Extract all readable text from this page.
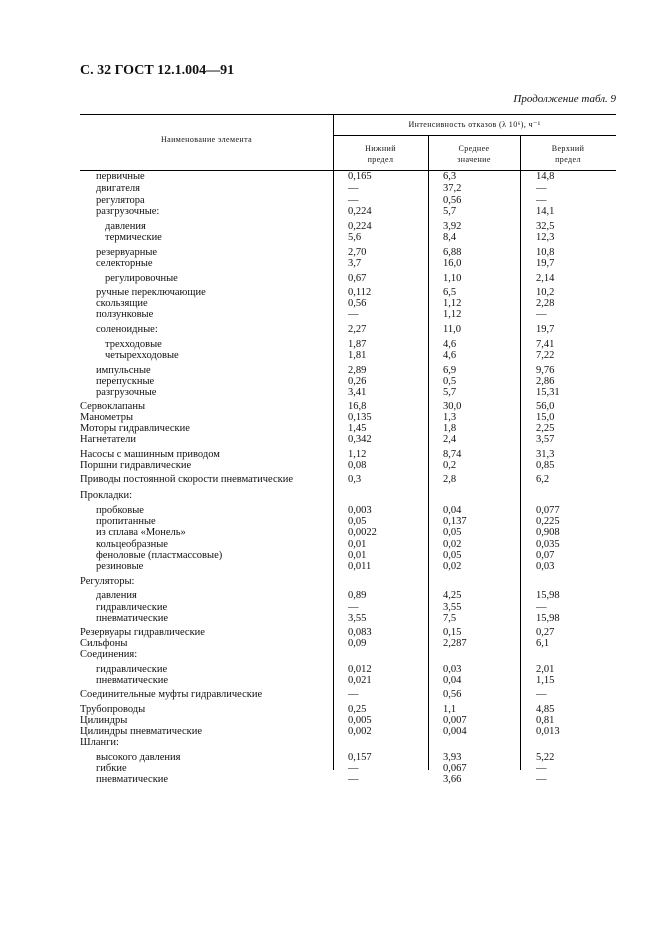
С. 32 ГОСТ 12.1.004—91
Продолжение табл. 9
Наименование элемента
Интенсивность отказов (λ 10⁶), ч⁻¹
Нижний
предел
Среднее
значение
Верхний
предел
первичные	0,165	6,3	14,8
двигателя	—	37,2	—
регулятора	—	0,56	—
разгрузочные:	0,224	5,7	14,1
давления	0,224	3,92	32,5
термические	5,6	8,4	12,3
резервуарные	2,70	6,88	10,8
селекторные	3,7	16,0	19,7
регулировочные	0,67	1,10	2,14
ручные переключающие	0,112	6,5	10,2
скользящие	0,56	1,12	2,28
ползунковые	—	1,12	—
соленоидные:	2,27	11,0	19,7
трехходовые	1,87	4,6	7,41
четырехходовые	1,81	4,6	7,22
импульсные	2,89	6,9	9,76
перепускные	0,26	0,5	2,86
разгрузочные	3,41	5,7	15,31
Сервоклапаны	16,8	30,0	56,0
Манометры	0,135	1,3	15,0
Моторы гидравлические	1,45	1,8	2,25
Нагнетатели	0,342	2,4	3,57
Насосы с машинным приводом	1,12	8,74	31,3
Поршни гидравлические	0,08	0,2	0,85
Приводы постоянной скорости пневматические	0,3	2,8	6,2
Прокладки:
пробковые	0,003	0,04	0,077
пропитанные	0,05	0,137	0,225
из сплава «Монель»	0,0022	0,05	0,908
кольцеобразные	0,01	0,02	0,035
феноловые (пластмассовые)	0,01	0,05	0,07
резиновые	0,011	0,02	0,03
Регуляторы:
давления	0,89	4,25	15,98
гидравлические	—	3,55	—
пневматические	3,55	7,5	15,98
Резервуары гидравлические	0,083	0,15	0,27
Сильфоны	0,09	2,287	6,1
Соединения:
гидравлические	0,012	0,03	2,01
пневматические	0,021	0,04	1,15
Соединительные муфты гидравлические	—	0,56	—
Трубопроводы	0,25	1,1	4,85
Цилиндры	0,005	0,007	0,81
Цилиндры пневматические	0,002	0,004	0,013
Шланги:
высокого давления	0,157	3,93	5,22
гибкие	—	0,067	—
пневматические	—	3,66	—
